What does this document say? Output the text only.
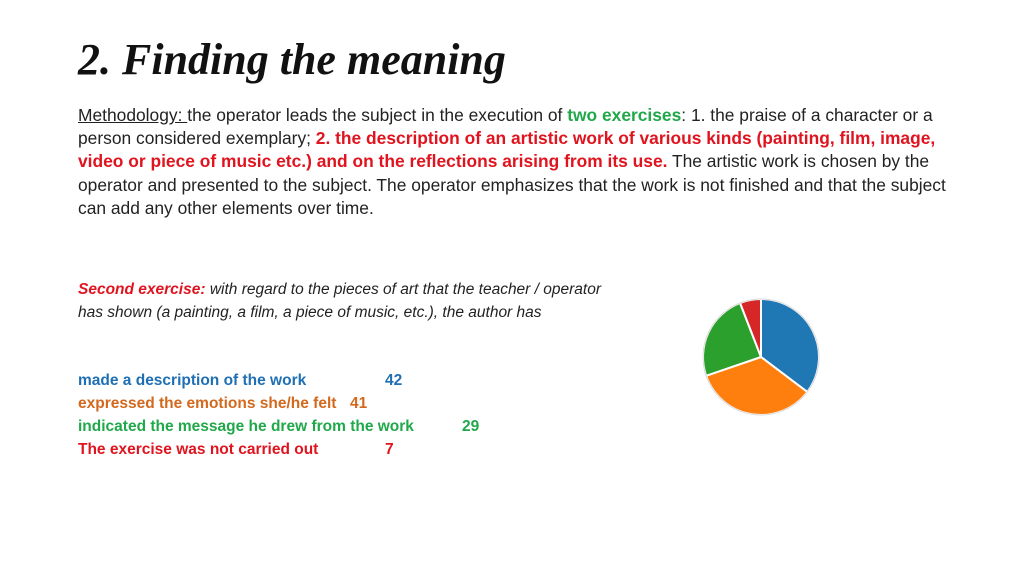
2. Finding the meaning

Methodology: the operator leads the subject in the execution of two exercises: 1. the praise of a character or a person considered exemplary; 2. the description of an artistic work of various kinds (painting, film, image, video or piece of music etc.) and on the reflections arising from its use. The artistic work is chosen by the operator and presented to the subject. The operator emphasizes that the work is not finished and that the subject can add any other elements over time.

Second exercise: with regard to the pieces of art that the teacher / operator has shown (a painting, a film, a piece of music, etc.), the author has

made a description of the work	42
expressed the emotions she/he felt 41
indicated the message he drew from the work	29
The exercise was not carried out	7
